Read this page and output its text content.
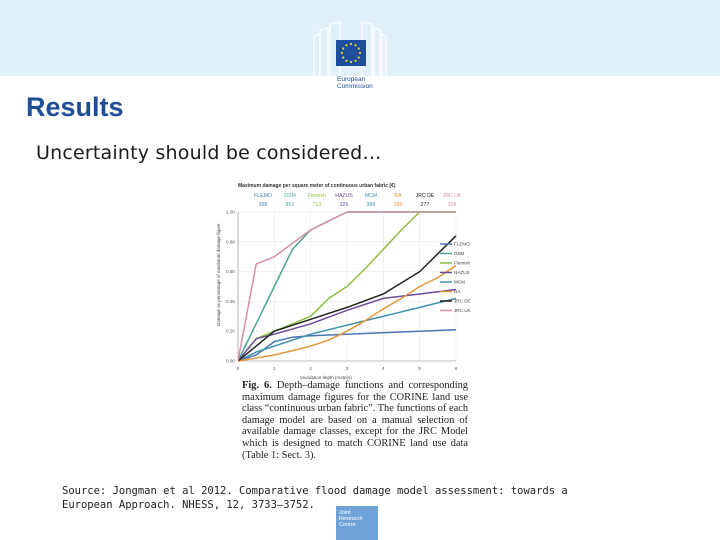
European
Commission
Results
Uncertainty should be considered…
Maximum damage per square meter of continuous urban fabric (€)
FLEMO
268
DSM
852
Flemish
713
HAZUS
326
MCM
386
RA
255
JRC DE
277
JRC UK
328
0.00
0.20
0.40
0.60
0.80
1.00
0	1	2	3	4	5	6
FLEMO
DSM
Flemish
HAZUS
MCM
RA
JRC DE
JRC UK
Damage as percentage of maximum damage figure
Inundation depth (meters)
Fig. 6. Depth–damage functions and corresponding maximum damage figures for the CORINE land use class “continuous urban fabric”. The functions of each damage model are based on a manual selection of available damage classes, except for the JRC Model which is designed to match CORINE land use data (Table 1: Sect. 3).
Source: Jongman et al 2012. Comparative flood damage model assessment: towards a European Approach. NHESS, 12, 3733–3752.
Joint
Research
Centre
